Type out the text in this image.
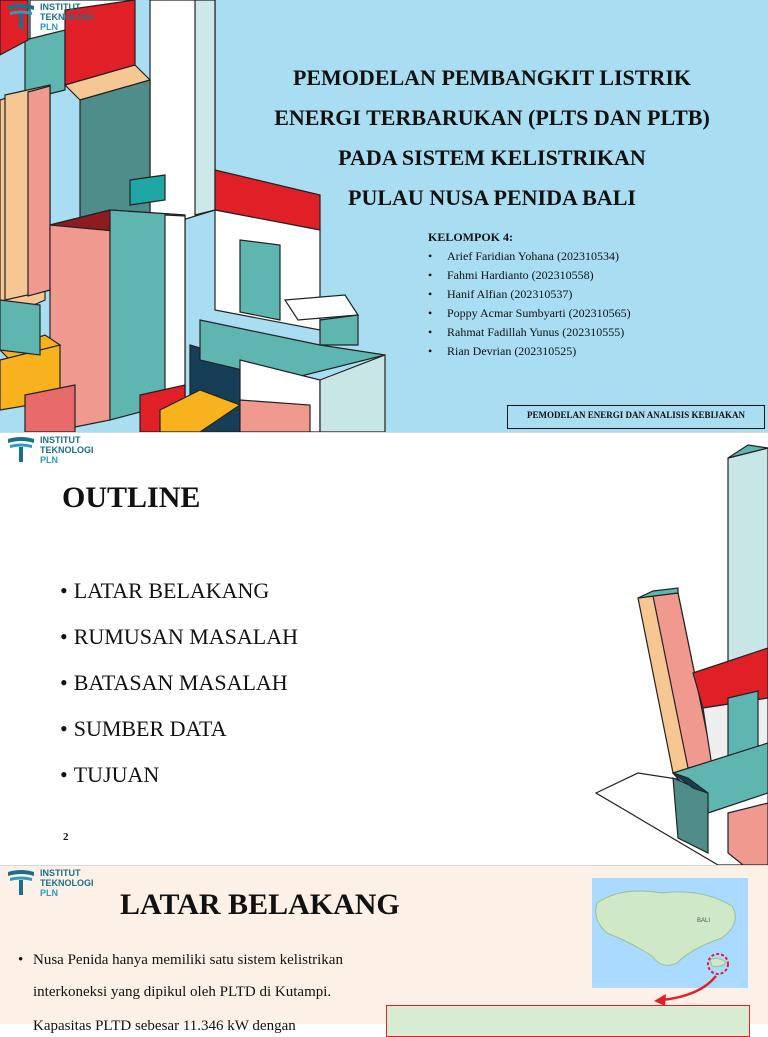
INSTITUT
TEKNOLOGI
PLN
PEMODELAN PEMBANGKIT LISTRIK
ENERGI TERBARUKAN (PLTS DAN PLTB)
PADA SISTEM KELISTRIKAN
PULAU NUSA PENIDA BALI
KELOMPOK 4:
• Arief Faridian Yohana (202310534)
• Fahmi Hardianto (202310558)
• Hanif Alfian (202310537)
• Poppy Acmar Sumbyarti (202310565)
• Rahmat Fadillah Yunus (202310555)
• Rian Devrian (202310525)
PEMODELAN ENERGI DAN ANALISIS KEBIJAKAN
INSTITUT
TEKNOLOGI
PLN
OUTLINE
• LATAR BELAKANG
• RUMUSAN MASALAH
• BATASAN MASALAH
• SUMBER DATA
• TUJUAN
2
INSTITUT
TEKNOLOGI
PLN	LATAR BELAKANG
• Nusa Penida hanya memiliki satu sistem kelistrikan
interkoneksi yang dipikul oleh PLTD di Kutampi.
Kapasitas PLTD sebesar 11.346 kW dengan
BALI
